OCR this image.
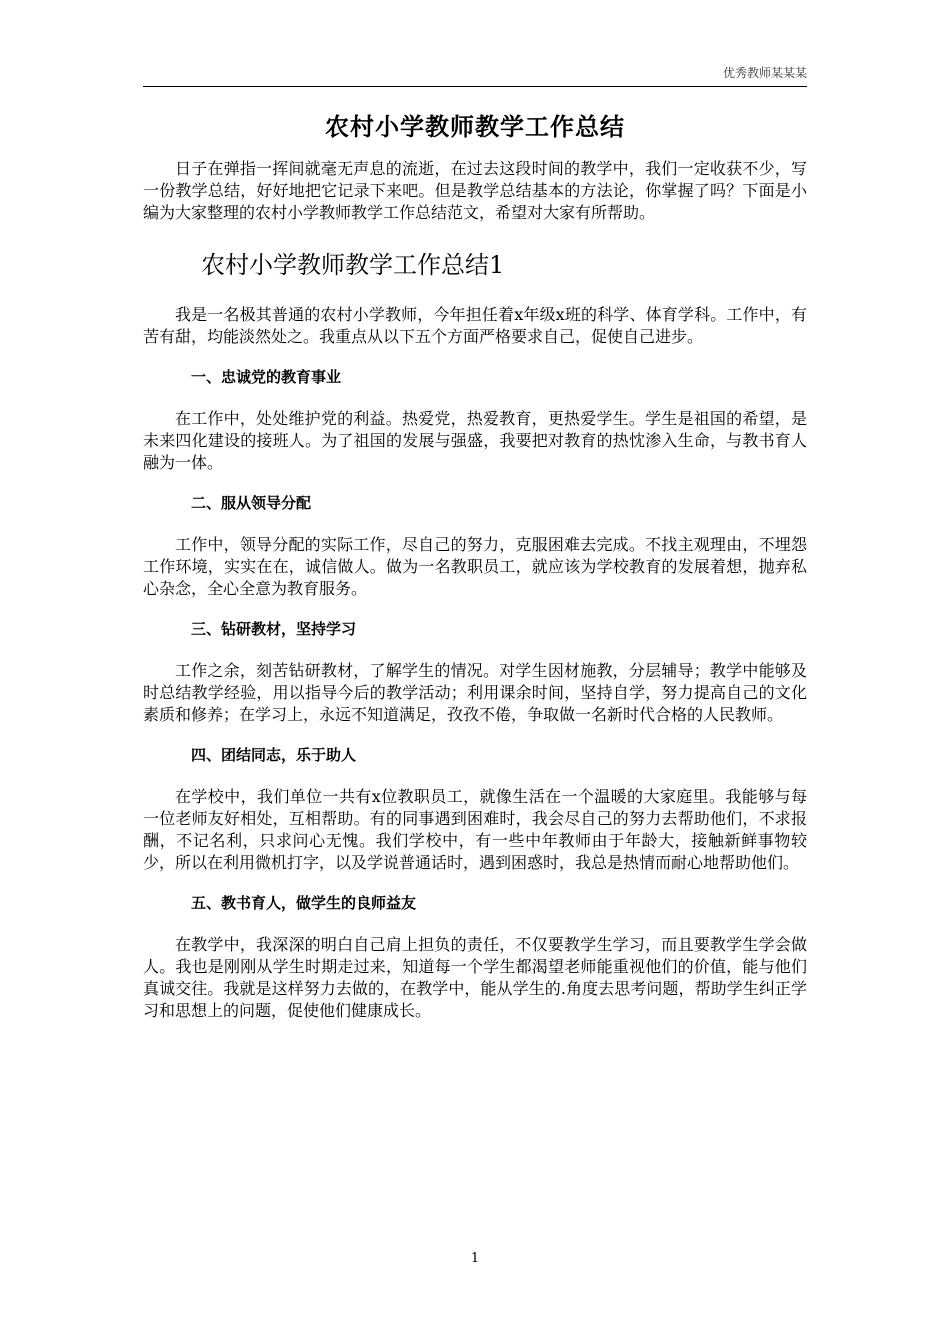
优秀教师某某某
农村小学教师教学工作总结

日子在弹指一挥间就毫无声息的流逝，在过去这段时间的教学中，我们一定收获不少，写一份教学总结，好好地把它记录下来吧。但是教学总结基本的方法论，你掌握了吗？下面是小编为大家整理的农村小学教师教学工作总结范文，希望对大家有所帮助。

农村小学教师教学工作总结1

我是一名极其普通的农村小学教师，今年担任着x年级x班的科学、体育学科。工作中，有苦有甜，均能淡然处之。我重点从以下五个方面严格要求自己，促使自己进步。

一、忠诚党的教育事业

在工作中，处处维护党的利益。热爱党，热爱教育，更热爱学生。学生是祖国的希望，是未来四化建设的接班人。为了祖国的发展与强盛，我要把对教育的热忱渗入生命，与教书育人融为一体。

二、服从领导分配

工作中，领导分配的实际工作，尽自己的努力，克服困难去完成。不找主观理由，不埋怨工作环境，实实在在，诚信做人。做为一名教职员工，就应该为学校教育的发展着想，抛弃私心杂念，全心全意为教育服务。

三、钻研教材，坚持学习

工作之余，刻苦钻研教材，了解学生的情况。对学生因材施教，分层辅导；教学中能够及时总结教学经验，用以指导今后的教学活动；利用课余时间，坚持自学，努力提高自己的文化素质和修养；在学习上，永远不知道满足，孜孜不倦，争取做一名新时代合格的人民教师。

四、团结同志，乐于助人

在学校中，我们单位一共有x位教职员工，就像生活在一个温暖的大家庭里。我能够与每一位老师友好相处，互相帮助。有的同事遇到困难时，我会尽自己的努力去帮助他们，不求报酬，不记名利，只求问心无愧。我们学校中，有一些中年教师由于年龄大，接触新鲜事物较少，所以在利用微机打字，以及学说普通话时，遇到困惑时，我总是热情而耐心地帮助他们。

五、教书育人，做学生的良师益友

在教学中，我深深的明白自己肩上担负的责任，不仅要教学生学习，而且要教学生学会做人。我也是刚刚从学生时期走过来，知道每一个学生都渴望老师能重视他们的价值，能与他们真诚交往。我就是这样努力去做的，在教学中，能从学生的.角度去思考问题，帮助学生纠正学习和思想上的问题，促使他们健康成长。

1
